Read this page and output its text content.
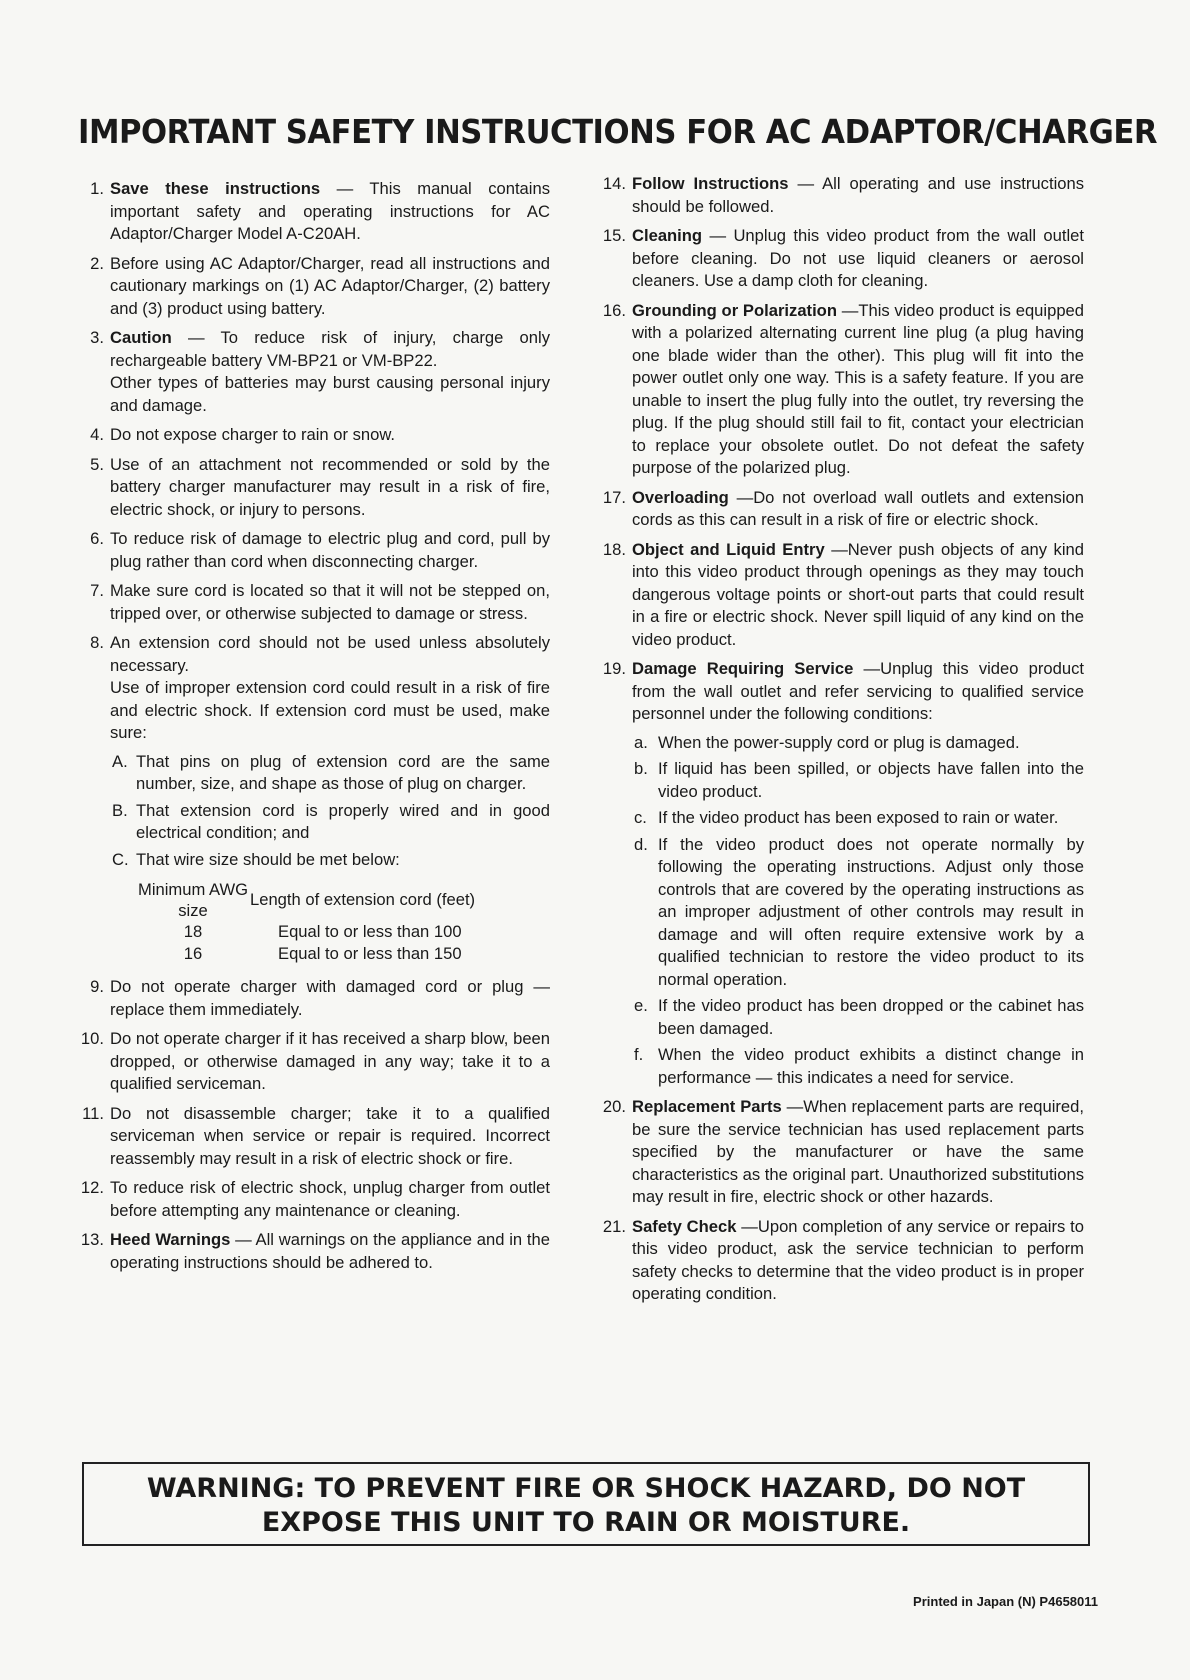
IMPORTANT SAFETY INSTRUCTIONS FOR AC ADAPTOR/CHARGER
1. Save these instructions — This manual contains important safety and operating instructions for AC Adaptor/Charger Model A-C20AH.
2. Before using AC Adaptor/Charger, read all instructions and cautionary markings on (1) AC Adaptor/Charger, (2) battery and (3) product using battery.
3. Caution — To reduce risk of injury, charge only rechargeable battery VM-BP21 or VM-BP22.
Other types of batteries may burst causing personal injury and damage.
4. Do not expose charger to rain or snow.
5. Use of an attachment not recommended or sold by the battery charger manufacturer may result in a risk of fire, electric shock, or injury to persons.
6. To reduce risk of damage to electric plug and cord, pull by plug rather than cord when disconnecting charger.
7. Make sure cord is located so that it will not be stepped on, tripped over, or otherwise subjected to damage or stress.
8. An extension cord should not be used unless absolutely necessary.
Use of improper extension cord could result in a risk of fire and electric shock. If extension cord must be used, make sure:
A. That pins on plug of extension cord are the same number, size, and shape as those of plug on charger.
B. That extension cord is properly wired and in good electrical condition; and
C. That wire size should be met below:
Minimum AWG size
Length of extension cord (feet)
18	Equal to or less than 100
16	Equal to or less than 150
9. Do not operate charger with damaged cord or plug — replace them immediately.
10. Do not operate charger if it has received a sharp blow, been dropped, or otherwise damaged in any way; take it to a qualified serviceman.
11. Do not disassemble charger; take it to a qualified serviceman when service or repair is required. Incorrect reassembly may result in a risk of electric shock or fire.
12. To reduce risk of electric shock, unplug charger from outlet before attempting any maintenance or cleaning.
13. Heed Warnings — All warnings on the appliance and in the operating instructions should be adhered to.
14. Follow Instructions — All operating and use instructions should be followed.
15. Cleaning — Unplug this video product from the wall outlet before cleaning. Do not use liquid cleaners or aerosol cleaners. Use a damp cloth for cleaning.
16. Grounding or Polarization —This video product is equipped with a polarized alternating current line plug (a plug having one blade wider than the other). This plug will fit into the power outlet only one way. This is a safety feature. If you are unable to insert the plug fully into the outlet, try reversing the plug. If the plug should still fail to fit, contact your electrician to replace your obsolete outlet. Do not defeat the safety purpose of the polarized plug.
17. Overloading —Do not overload wall outlets and extension cords as this can result in a risk of fire or electric shock.
18. Object and Liquid Entry —Never push objects of any kind into this video product through openings as they may touch dangerous voltage points or short-out parts that could result in a fire or electric shock. Never spill liquid of any kind on the video product.
19. Damage Requiring Service —Unplug this video product from the wall outlet and refer servicing to qualified service personnel under the following conditions:
a. When the power-supply cord or plug is damaged.
b. If liquid has been spilled, or objects have fallen into the video product.
c. If the video product has been exposed to rain or water.
d. If the video product does not operate normally by following the operating instructions. Adjust only those controls that are covered by the operating instructions as an improper adjustment of other controls may result in damage and will often require extensive work by a qualified technician to restore the video product to its normal operation.
e. If the video product has been dropped or the cabinet has been damaged.
f. When the video product exhibits a distinct change in performance — this indicates a need for service.
20. Replacement Parts —When replacement parts are required, be sure the service technician has used replacement parts specified by the manufacturer or have the same characteristics as the original part. Unauthorized substitutions may result in fire, electric shock or other hazards.
21. Safety Check —Upon completion of any service or repairs to this video product, ask the service technician to perform safety checks to determine that the video product is in proper operating condition.
WARNING: TO PREVENT FIRE OR SHOCK HAZARD, DO NOT
EXPOSE THIS UNIT TO RAIN OR MOISTURE.
Printed in Japan (N) P4658011
